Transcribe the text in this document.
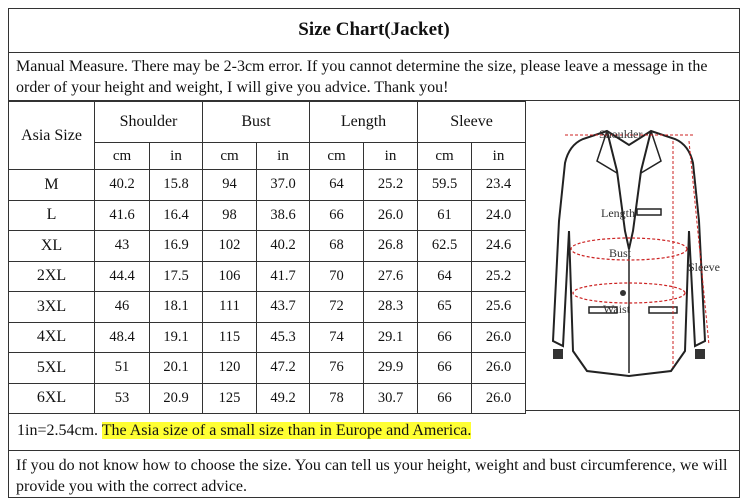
Size Chart(Jacket)
Manual Measure. There may be 2-3cm error. If you cannot determine the size, please leave a message in the order of your height and weight, I will give you advice. Thank you!
Asia Size	Shoulder		Bust		Length		Sleeve	
	cm	in	cm	in	cm	in	cm	in
M	40.2	15.8	94	37.0	64	25.2	59.5	23.4
L	41.6	16.4	98	38.6	66	26.0	61	24.0
XL	43	16.9	102	40.2	68	26.8	62.5	24.6
2XL	44.4	17.5	106	41.7	70	27.6	64	25.2
3XL	46	18.1	111	43.7	72	28.3	65	25.6
4XL	48.4	19.1	115	45.3	74	29.1	66	26.0
5XL	51	20.1	120	47.2	76	29.9	66	26.0
6XL	53	20.9	125	49.2	78	30.7	66	26.0
Shoulder
Length
Bust
Waist
Sleeve
1in=2.54cm. The Asia size of a small size than in Europe and America.
If you do not know how to choose the size. You can tell us your height, weight and bust circumference, we will provide you with the correct advice.
